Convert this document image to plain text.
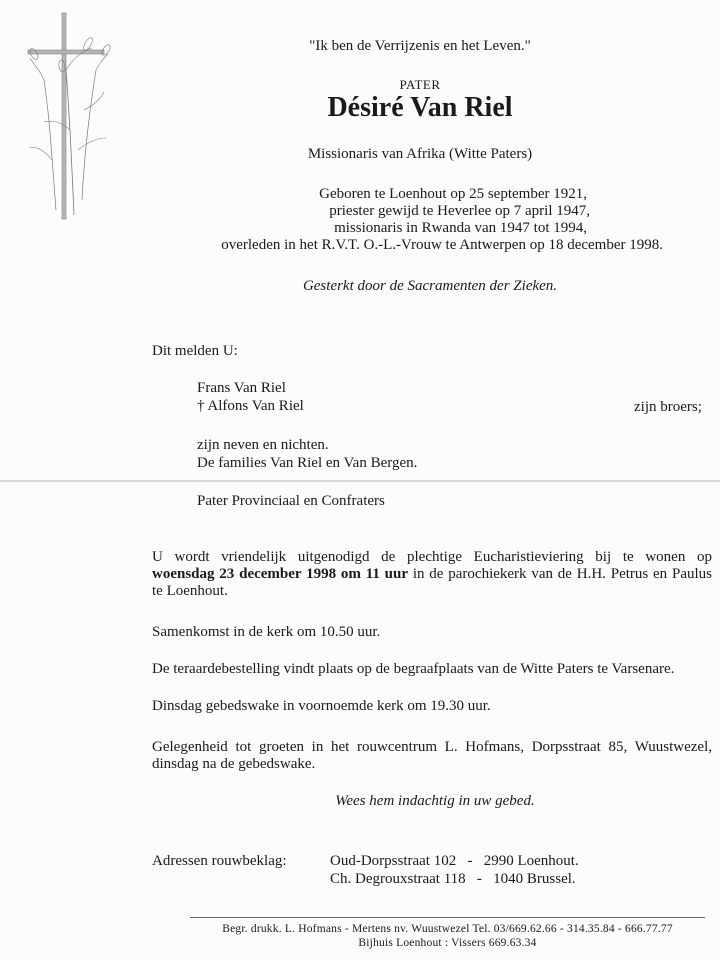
"Ik ben de Verrijzenis en het Leven."
PATER
Désiré Van Riel
Missionaris van Afrika (Witte Paters)
Geboren te Loenhout op 25 september 1921,
priester gewijd te Heverlee op 7 april 1947,
missionaris in Rwanda van 1947 tot 1994,
overleden in het R.V.T. O.-L.-Vrouw te Antwerpen op 18 december 1998.
Gesterkt door de Sacramenten der Zieken.
Dit melden U:
Frans Van Riel
† Alfons Van Riel	zijn broers;
zijn neven en nichten.
De families Van Riel en Van Bergen.
Pater Provinciaal en Confraters
U wordt vriendelijk uitgenodigd de plechtige Eucharistieviering bij te wonen op
woensdag 23 december 1998 om 11 uur in de parochiekerk van de H.H. Petrus en Paulus
te Loenhout.
Samenkomst in de kerk om 10.50 uur.
De teraardebestelling vindt plaats op de begraafplaats van de Witte Paters te Varsenare.
Dinsdag gebedswake in voornoemde kerk om 19.30 uur.
Gelegenheid tot groeten in het rouwcentrum L. Hofmans, Dorpsstraat 85, Wuustwezel,
dinsdag na de gebedswake.
Wees hem indachtig in uw gebed.
Adressen rouwbeklag:	Oud-Dorpsstraat 102   -   2990 Loenhout.
Ch. Degrouxstraat 118   -   1040 Brussel.
Begr. drukk. L. Hofmans - Mertens nv. Wuustwezel Tel. 03/669.62.66 - 314.35.84 - 666.77.77
Bijhuis Loenhout : Vissers 669.63.34
